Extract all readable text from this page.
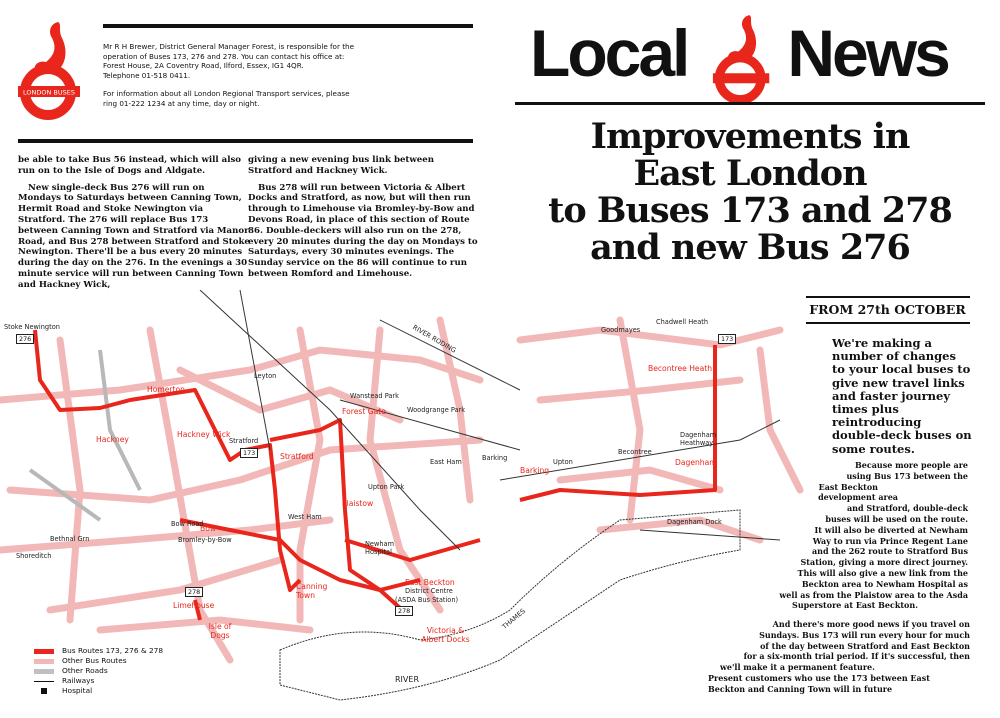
LONDON BUSES

Mr R H Brewer, District General Manager Forest, is responsible for the operation of Buses 173, 276 and 278. You can contact his office at:
Forest House, 2A Coventry Road, Ilford, Essex, IG1 4QR.
Telephone 01-518 0411.

For information about all London Regional Transport services, please ring 01-222 1234 at any time, day or night.

be able to take Bus 56 instead, which will also run on to the Isle of Dogs and Aldgate.

New single-deck Bus 276 will run on Mondays to Saturdays between Canning Town, Hermit Road and Stoke Newington via Stratford. The 276 will replace Bus 173 between Canning Town and Stratford via Manor Road, and Bus 278 between Stratford and Stoke Newington. There'll be a bus every 20 minutes during the day on the 276. In the evenings a 30 minute service will run between Canning Town and Hackney Wick,

giving a new evening bus link between Stratford and Hackney Wick.

Bus 278 will run between Victoria & Albert Docks and Stratford, as now, but will then run through to Limehouse via Bromley-by-Bow and Devons Road, in place of this section of Route 86. Double-deckers will also run on the 278, every 20 minutes during the day on Mondays to Saturdays, every 30 minutes evenings. The Sunday service on the 86 will continue to run between Romford and Limehouse.

Local News
Improvements in
East London
to Buses 173 and 278
and new Bus 276
Stoke Newington
276
Homerton
Hackney
Hackney Wick
Stratford
173	Stratford
Leyton
Wanstead Park
Woodgrange Park
Forest Gate
East Ham	Barking
Barking
Upton Park
Plaistow
West Ham
Newham Hospital
Bow
Bow Road
Bromley-by-Bow
Bethnal Grn
Shoreditch
278
Limehouse
Isle of Dogs
Canning Town
East Beckton
District Centre
(ASDA Bus Station)
278
Victoria & Albert Docks
RIVER RODING
THAMES
RIVER
Goodmayes
Chadwell Heath
173
Becontree Heath
Becontree
Dagenham Heathway
Dagenham
Dagenham Dock
Upton
Bus Routes 173, 276 & 278
Other Bus Routes
Other Roads
Railways
Hospital
FROM 27th OCTOBER
We're making a number of changes to your local buses to give new travel links and faster journey times plus reintroducing double-deck buses on some routes.
Because more people are
using Bus 173 between the
East Beckton
development area
and Stratford, double-deck
buses will be used on the route.
It will also be diverted at Newham
Way to run via Prince Regent Lane
and the 262 route to Stratford Bus
Station, giving a more direct journey.
This will also give a new link from the
Beckton area to Newham Hospital as
well as from the Plaistow area to the Asda
Superstore at East Beckton.
And there's more good news if you travel on
Sundays. Bus 173 will run every hour for much
of the day between Stratford and East Beckton
for a six-month trial period. If it's successful, then
we'll make it a permanent feature.
Present customers who use the 173 between East
Beckton and Canning Town will in future
